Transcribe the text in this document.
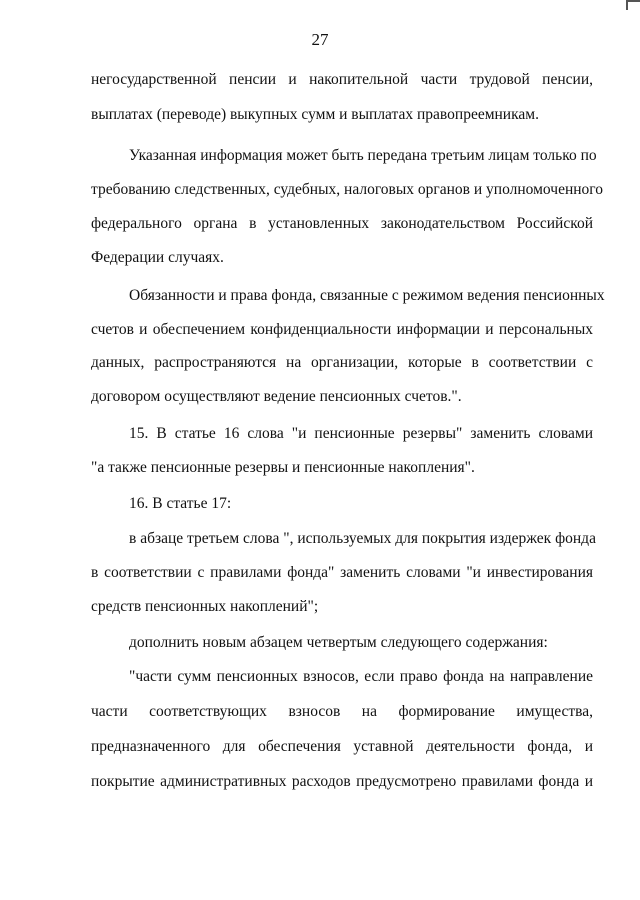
27
негосударственной пенсии и накопительной части трудовой пенсии,
выплатах (переводе) выкупных сумм и выплатах правопреемникам.
Указанная информация может быть передана третьим лицам только по
требованию следственных, судебных, налоговых органов и уполномоченного
федерального органа в установленных законодательством Российской
Федерации случаях.
Обязанности и права фонда, связанные с режимом ведения пенсионных
счетов и обеспечением конфиденциальности информации и персональных
данных, распространяются на организации, которые в соответствии с
договором осуществляют ведение пенсионных счетов.".
15. В статье 16 слова "и пенсионные резервы" заменить словами
"а также пенсионные резервы и пенсионные накопления".
16. В статье 17:
в абзаце третьем слова ", используемых для покрытия издержек фонда
в соответствии с правилами фонда" заменить словами "и инвестирования
средств пенсионных накоплений";
дополнить новым абзацем четвертым следующего содержания:
"части сумм пенсионных взносов, если право фонда на направление
части соответствующих взносов на формирование имущества,
предназначенного для обеспечения уставной деятельности фонда, и
покрытие административных расходов предусмотрено правилами фонда и
